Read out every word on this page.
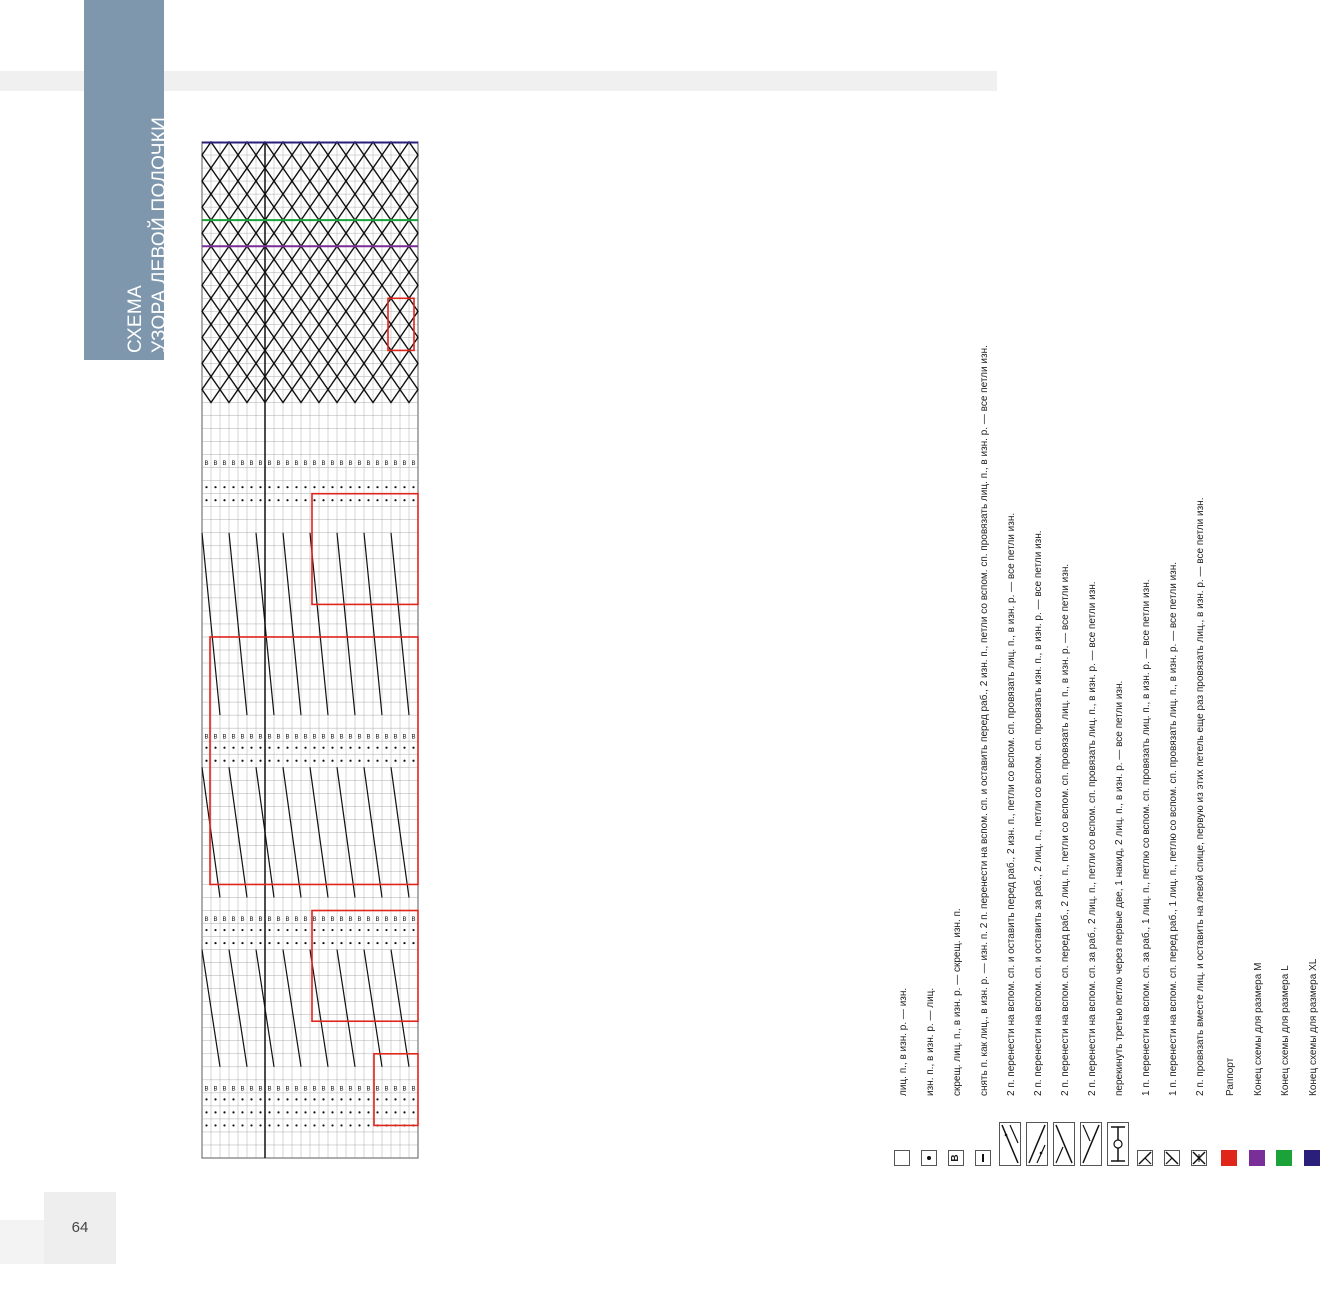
СХЕМА УЗОРА ЛЕВОЙ ПОЛОЧКИ
В В В В В В В В В В В В В В В В В В В В В В В В
В В В В В В В В В В В В В В В В В В В В В В В В
В В В В В В В В В В В В В В В В В В В В В В В В
В В В В В В В В В В В В В В В В В В В В В В В В	лиц. п., в изн. р. — изн. изн. п., в изн. р. — лиц.
В
скрещ. лиц. п., в изн. р. — скрещ. изн. п. снять п. как лиц., в изн. р. — изн. п. 2 п. перенести на вспом. сп. и оставить перед раб., 2 изн. п., петли со вспом. сп. провязать лиц. п., в изн. р. — все петли изн. 2 п. перенести на вспом. сп. и оставить перед раб., 2 изн. п., петли со вспом. сп. провязать лиц. п., в изн. р. — все петли изн. 2 п. перенести на вспом. сп. и оставить за раб., 2 лиц. п., петли со вспом. сп. провязать изн. п., в изн. р. — все петли изн. 2 п. перенести на вспом. сп. перед раб., 2 лиц. п., петли со вспом. сп. провязать лиц. п., в изн. р. — все петли изн. 2 п. перенести на вспом. сп. за раб., 2 лиц. п., петли со вспом. сп. провязать лиц. п., в изн. р. — все петли изн. перекинуть третью петлю через первые две, 1 накид, 2 лиц. п., в изн. р. — все петли изн. 1 п. перенести на вспом. сп. за раб., 1 лиц. п., петлю со вспом. сп. провязать лиц. п., в изн. р. — все петли изн. 1 п. перенести на вспом. сп. перед раб., 1 лиц. п., петлю со вспом. сп. провязать лиц. п., в изн. р. — все петли изн. 2 п. провязать вместе лиц. и оставить на левой спице, первую из этих петель еще раз провязать лиц., в изн. р. — все петли изн. Раппорт Конец схемы для размера M Конец схемы для размера L Конец схемы для размера XL
64
